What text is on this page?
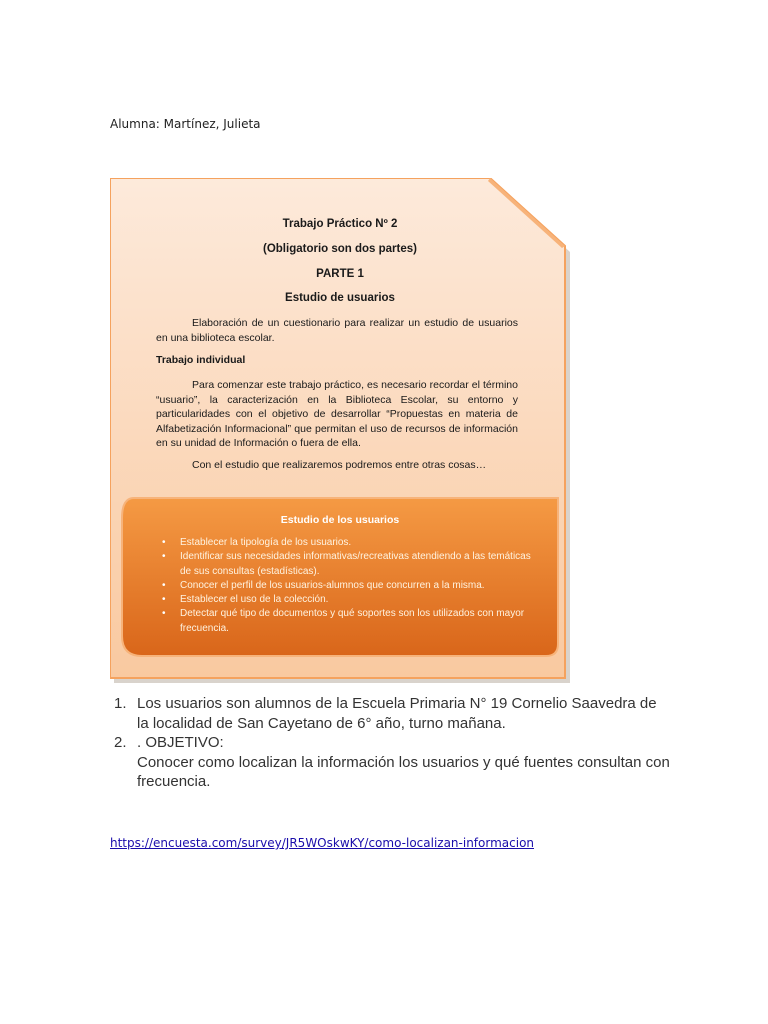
Alumna: Martínez, Julieta
Trabajo Práctico Nº 2
(Obligatorio son dos partes)
PARTE 1
Estudio de usuarios
Elaboración de un cuestionario para realizar un estudio de usuarios en una biblioteca escolar.
Trabajo individual
Para comenzar este trabajo práctico, es necesario recordar el término “usuario”, la caracterización en la Biblioteca Escolar, su entorno y particularidades con el objetivo de desarrollar “Propuestas en materia de Alfabetización Informacional” que permitan el uso de recursos de información en su unidad de Información o fuera de ella.
Con el estudio que realizaremos podremos entre otras cosas…
Estudio de los usuarios
• Establecer la tipología de los usuarios.
• Identificar sus necesidades informativas/recreativas atendiendo a las temáticas de sus consultas (estadísticas).
• Conocer el perfil de los usuarios-alumnos que concurren a la misma.
• Establecer el uso de la colección.
• Detectar qué tipo de documentos y qué soportes son los utilizados con mayor frecuencia.
1. Los usuarios son alumnos de la Escuela Primaria N° 19 Cornelio Saavedra de la localidad de San Cayetano de 6° año, turno mañana.
2. . OBJETIVO:
Conocer como localizan la información los usuarios y qué fuentes consultan con frecuencia.
https://encuesta.com/survey/JR5WOskwKY/como-localizan-informacion
